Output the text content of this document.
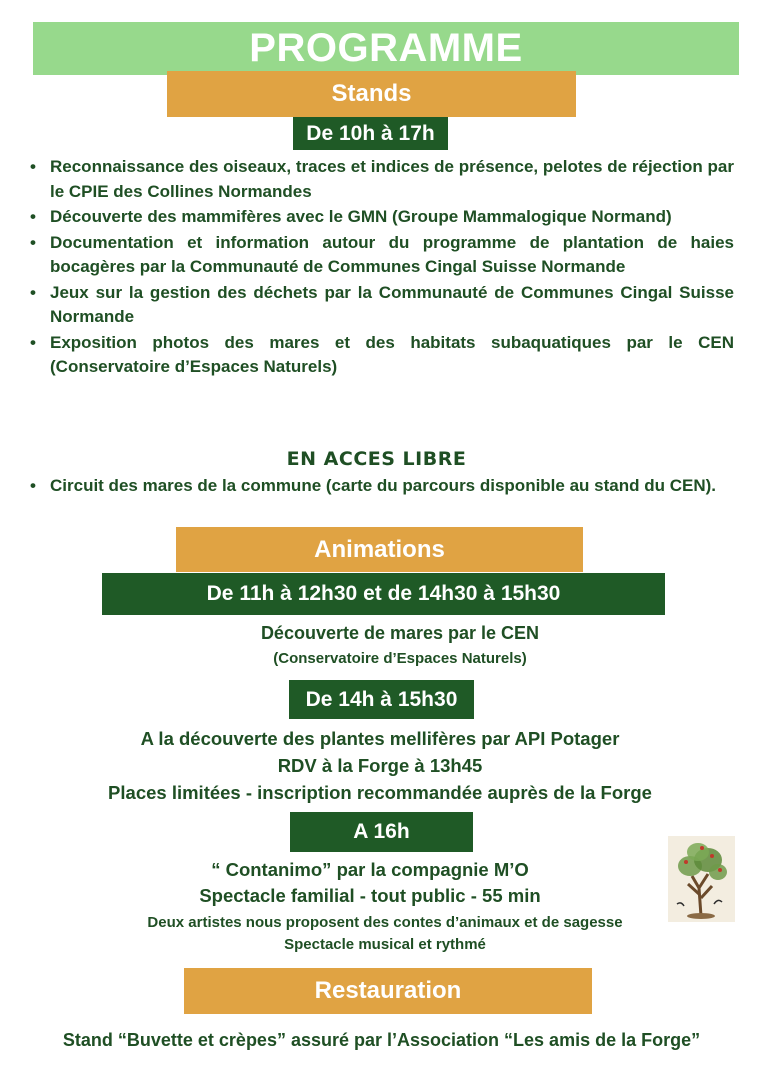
PROGRAMME
Stands
De 10h à 17h
• Reconnaissance des oiseaux, traces et indices de présence, pelotes de réjection par le CPIE des Collines Normandes
• Découverte des mammifères avec le GMN (Groupe Mammalogique Normand)
• Documentation et information autour du programme de plantation de haies bocagères par la Communauté de Communes Cingal Suisse Normande
• Jeux sur la gestion des déchets par la Communauté de Communes Cingal Suisse Normande
• Exposition photos des mares et des habitats subaquatiques par le CEN (Conservatoire d’Espaces Naturels)
EN ACCES LIBRE
• Circuit des mares de la commune (carte du parcours disponible au stand du CEN).
Animations
De 11h à 12h30 et de 14h30 à 15h30
Découverte de mares par le CEN
(Conservatoire d’Espaces Naturels)
De 14h à 15h30
A la découverte des plantes mellifères par API Potager
RDV à la Forge à 13h45
Places limitées - inscription recommandée auprès de la Forge
A 16h
“ Contanimo” par la compagnie M’O
Spectacle familial - tout public - 55 min
Deux artistes nous proposent des contes d’animaux et de sagesse
Spectacle musical et rythmé
Restauration
Stand “Buvette et crèpes” assuré par l’Association “Les amis de la Forge”
